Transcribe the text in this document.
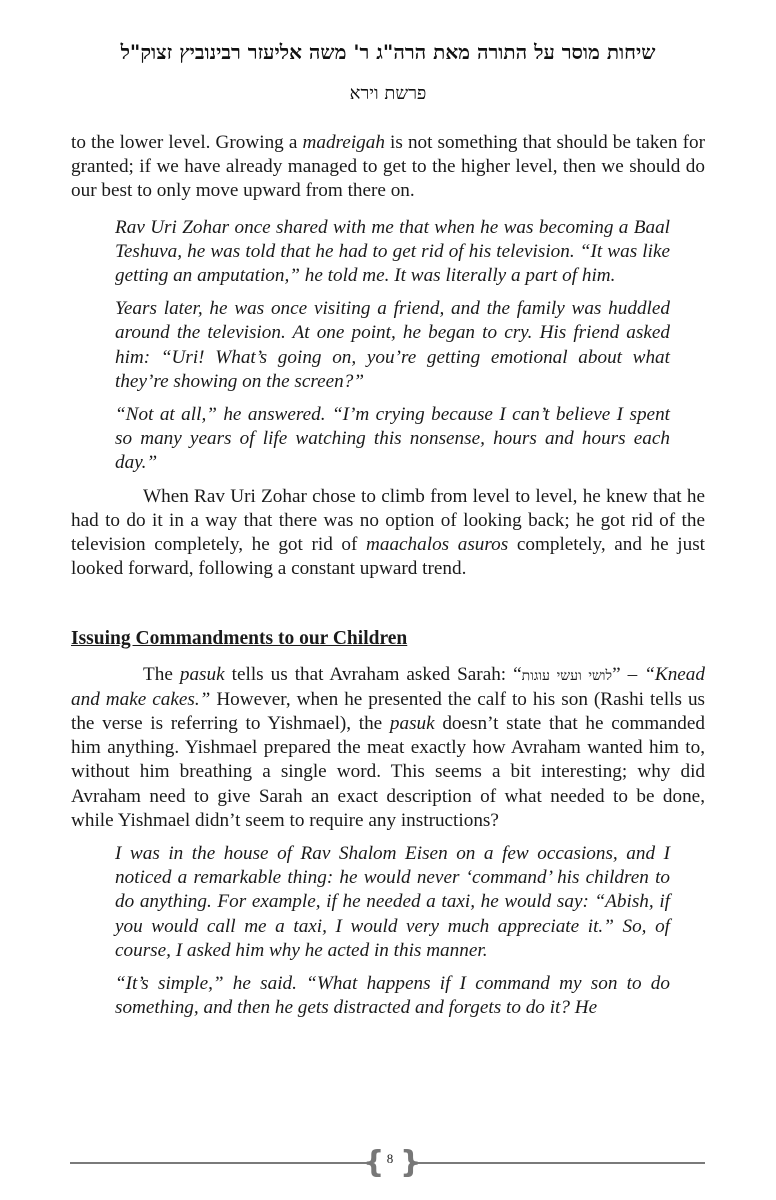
שיחות מוסר על התורה מאת הרה"ג ר' משה אליעזר רבינוביץ זצוק"ל
פרשת וירא

to the lower level. Growing a madreigah is not something that should be taken for granted; if we have already managed to get to the higher level, then we should do our best to only move upward from there on.

Rav Uri Zohar once shared with me that when he was becoming a Baal Teshuva, he was told that he had to get rid of his television. “It was like getting an amputation,” he told me. It was literally a part of him.

Years later, he was once visiting a friend, and the family was huddled around the television. At one point, he began to cry. His friend asked him: “Uri! What’s going on, you’re getting emotional about what they’re showing on the screen?”

“Not at all,” he answered. “I’m crying because I can’t believe I spent so many years of life watching this nonsense, hours and hours each day.”

When Rav Uri Zohar chose to climb from level to level, he knew that he had to do it in a way that there was no option of looking back; he got rid of the television completely, he got rid of maachalos asuros completely, and he just looked forward, following a constant upward trend.

Issuing Commandments to our Children

The pasuk tells us that Avraham asked Sarah: “לושי ועשי עוגות” – “Knead and make cakes.” However, when he presented the calf to his son (Rashi tells us the verse is referring to Yishmael), the pasuk doesn’t state that he commanded him anything. Yishmael prepared the meat exactly how Avraham wanted him to, without him breathing a single word. This seems a bit interesting; why did Avraham need to give Sarah an exact description of what needed to be done, while Yishmael didn’t seem to require any instructions?

I was in the house of Rav Shalom Eisen on a few occasions, and I noticed a remarkable thing: he would never ‘command’ his children to do anything. For example, if he needed a taxi, he would say: “Abish, if you would call me a taxi, I would very much appreciate it.” So, of course, I asked him why he acted in this manner.

“It’s simple,” he said. “What happens if I command my son to do something, and then he gets distracted and forgets to do it? He

{ }
8
